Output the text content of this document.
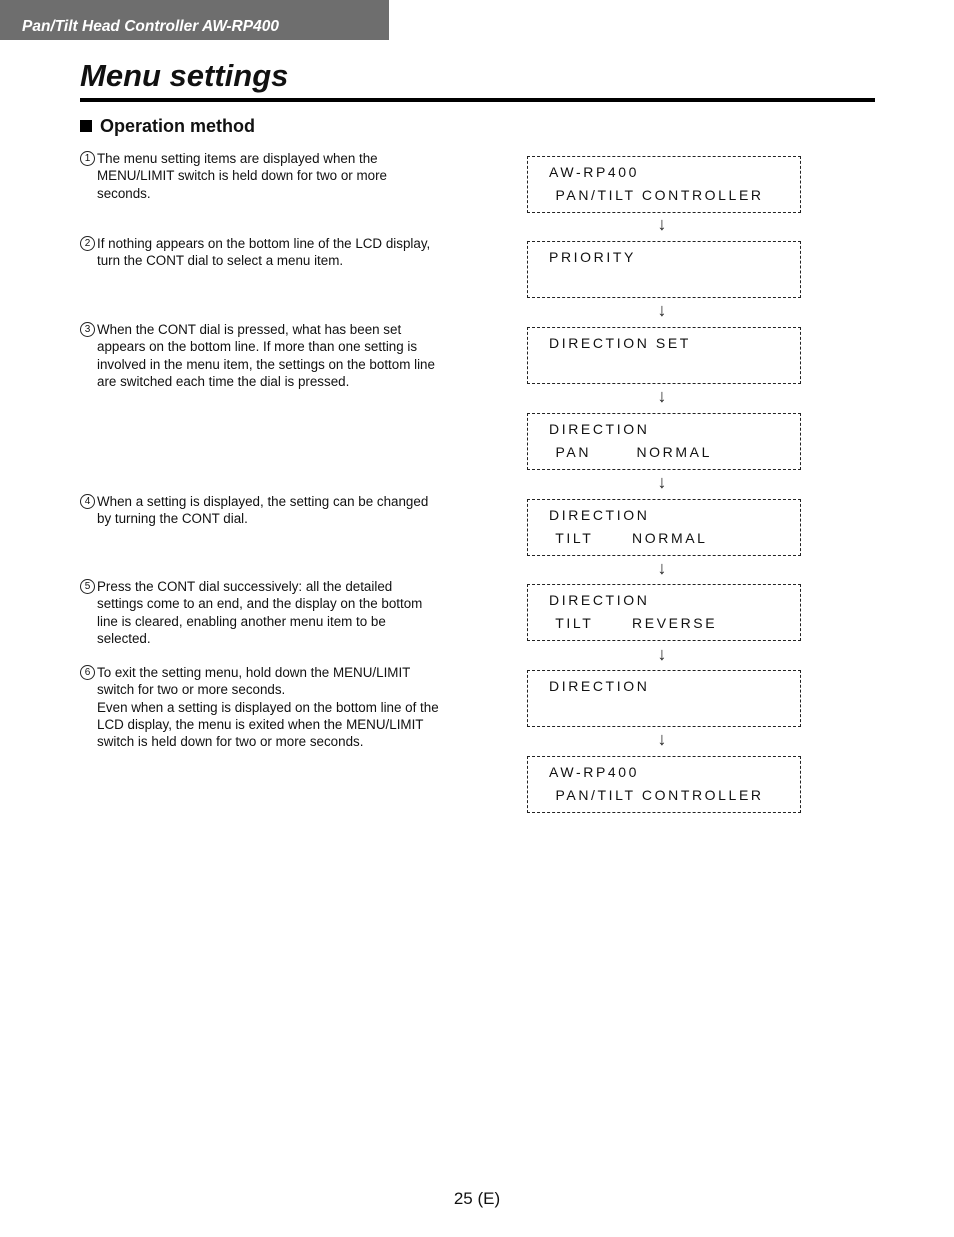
Pan/Tilt Head Controller AW-RP400
Menu settings
Operation method
1 The menu setting items are displayed when the
MENU/LIMIT switch is held down for two or more
seconds.
2 If nothing appears on the bottom line of the LCD display,
turn the CONT dial to select a menu item.
3 When the CONT dial is pressed, what has been set
appears on the bottom line. If more than one setting is
involved in the menu item, the settings on the bottom line
are switched each time the dial is pressed.
4 When a setting is displayed, the setting can be changed
by turning the CONT dial.
5 Press the CONT dial successively: all the detailed
settings come to an end, and the display on the bottom
line is cleared, enabling another menu item to be
selected.
6 To exit the setting menu, hold down the MENU/LIMIT
switch for two or more seconds.
Even when a setting is displayed on the bottom line of the
LCD display, the menu is exited when the MENU/LIMIT
switch is held down for two or more seconds.

AW-RP400

PAN/TILT CONTROLLER

↓

PRIORITY

↓

DIRECTION SET

↓

DIRECTION

PAN       NORMAL

↓

DIRECTION

TILT      NORMAL

↓

DIRECTION

TILT      REVERSE

↓

DIRECTION

↓

AW-RP400

PAN/TILT CONTROLLER

25 (E)
